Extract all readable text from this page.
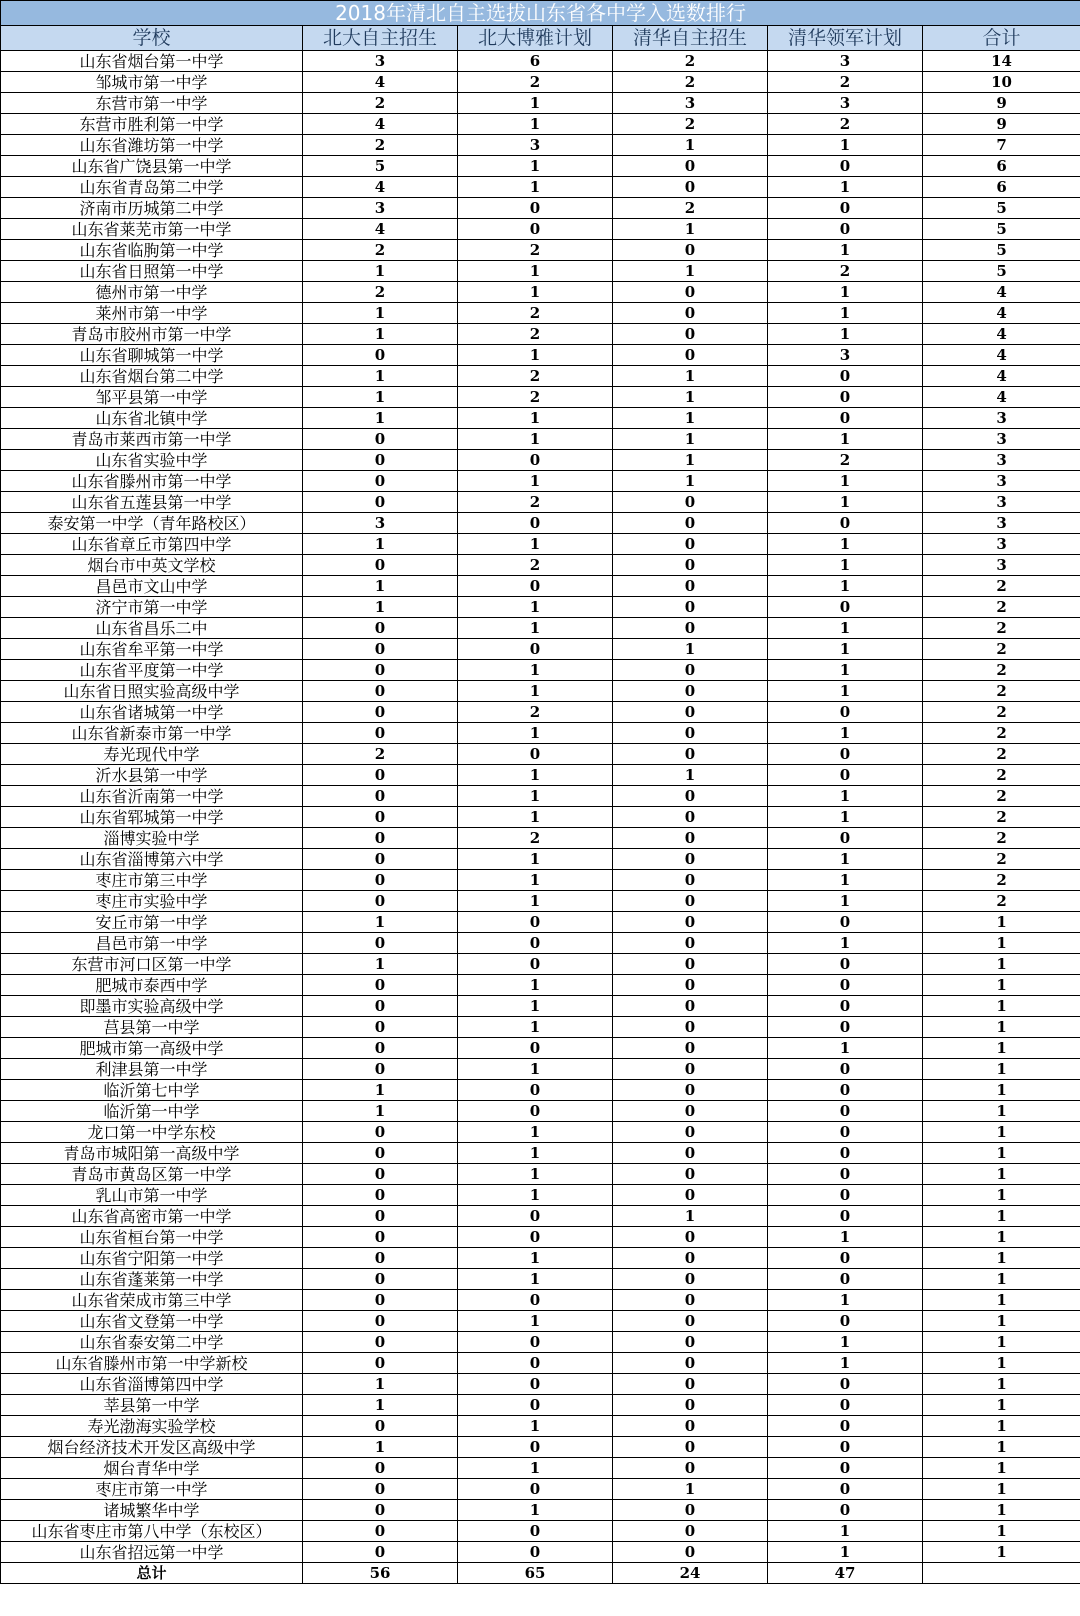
2018年清北自主选拔山东省各中学入选数排行					
学校	北大自主招生	北大博雅计划	清华自主招生	清华领军计划	合计
山东省烟台第一中学	3	6	2	3	14
邹城市第一中学	4	2	2	2	10
东营市第一中学	2	1	3	3	9
东营市胜利第一中学	4	1	2	2	9
山东省潍坊第一中学	2	3	1	1	7
山东省广饶县第一中学	5	1	0	0	6
山东省青岛第二中学	4	1	0	1	6
济南市历城第二中学	3	0	2	0	5
山东省莱芜市第一中学	4	0	1	0	5
山东省临朐第一中学	2	2	0	1	5
山东省日照第一中学	1	1	1	2	5
德州市第一中学	2	1	0	1	4
莱州市第一中学	1	2	0	1	4
青岛市胶州市第一中学	1	2	0	1	4
山东省聊城第一中学	0	1	0	3	4
山东省烟台第二中学	1	2	1	0	4
邹平县第一中学	1	2	1	0	4
山东省北镇中学	1	1	1	0	3
青岛市莱西市第一中学	0	1	1	1	3
山东省实验中学	0	0	1	2	3
山东省滕州市第一中学	0	1	1	1	3
山东省五莲县第一中学	0	2	0	1	3
泰安第一中学（青年路校区）	3	0	0	0	3
山东省章丘市第四中学	1	1	0	1	3
烟台市中英文学校	0	2	0	1	3
昌邑市文山中学	1	0	0	1	2
济宁市第一中学	1	1	0	0	2
山东省昌乐二中	0	1	0	1	2
山东省牟平第一中学	0	0	1	1	2
山东省平度第一中学	0	1	0	1	2
山东省日照实验高级中学	0	1	0	1	2
山东省诸城第一中学	0	2	0	0	2
山东省新泰市第一中学	0	1	0	1	2
寿光现代中学	2	0	0	0	2
沂水县第一中学	0	1	1	0	2
山东省沂南第一中学	0	1	0	1	2
山东省郓城第一中学	0	1	0	1	2
淄博实验中学	0	2	0	0	2
山东省淄博第六中学	0	1	0	1	2
枣庄市第三中学	0	1	0	1	2
枣庄市实验中学	0	1	0	1	2
安丘市第一中学	1	0	0	0	1
昌邑市第一中学	0	0	0	1	1
东营市河口区第一中学	1	0	0	0	1
肥城市泰西中学	0	1	0	0	1
即墨市实验高级中学	0	1	0	0	1
莒县第一中学	0	1	0	0	1
肥城市第一高级中学	0	0	0	1	1
利津县第一中学	0	1	0	0	1
临沂第七中学	1	0	0	0	1
临沂第一中学	1	0	0	0	1
龙口第一中学东校	0	1	0	0	1
青岛市城阳第一高级中学	0	1	0	0	1
青岛市黄岛区第一中学	0	1	0	0	1
乳山市第一中学	0	1	0	0	1
山东省高密市第一中学	0	0	1	0	1
山东省桓台第一中学	0	0	0	1	1
山东省宁阳第一中学	0	1	0	0	1
山东省蓬莱第一中学	0	1	0	0	1
山东省荣成市第三中学	0	0	0	1	1
山东省文登第一中学	0	1	0	0	1
山东省泰安第二中学	0	0	0	1	1
山东省滕州市第一中学新校	0	0	0	1	1
山东省淄博第四中学	1	0	0	0	1
莘县第一中学	1	0	0	0	1
寿光渤海实验学校	0	1	0	0	1
烟台经济技术开发区高级中学	1	0	0	0	1
烟台青华中学	0	1	0	0	1
枣庄市第一中学	0	0	1	0	1
诸城繁华中学	0	1	0	0	1
山东省枣庄市第八中学（东校区）	0	0	0	1	1
山东省招远第一中学	0	0	0	1	1
总计	56	65	24	47	
